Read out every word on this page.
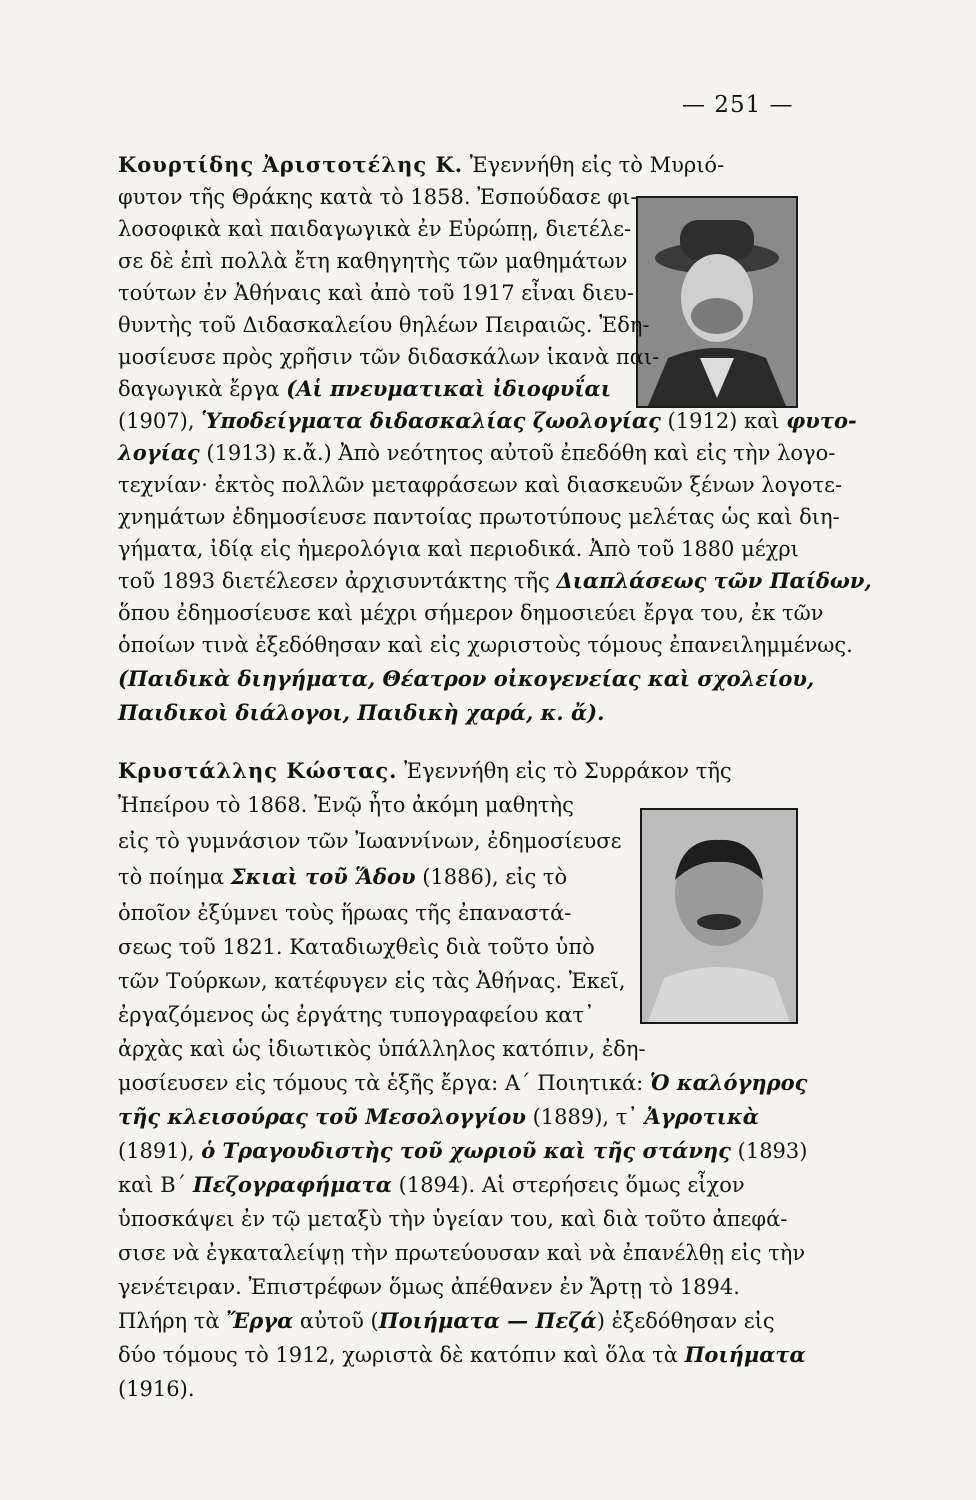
— 251 —
Κουρτίδης Ἀριστοτέλης Κ. Ἐγεννήθη εἰς τὸ Μυριό-
φυτον τῆς Θράκης κατὰ τὸ 1858. Ἐσπούδασε φι-
λοσοφικὰ καὶ παιδαγωγικὰ ἐν Εὐρώπῃ, διετέλε-
σε δὲ ἐπὶ πολλὰ ἔτη καθηγητὴς τῶν μαθημάτων
τούτων ἐν Ἀθήναις καὶ ἀπὸ τοῦ 1917 εἶναι διευ-
θυντὴς τοῦ Διδασκαλείου θηλέων Πειραιῶς. Ἐδη-
μοσίευσε πρὸς χρῆσιν τῶν διδασκάλων ἱκανὰ παι-
δαγωγικὰ ἔργα (Αἱ πνευματικαὶ ἰδιοφυΐαι
(1907), Ὑποδείγματα διδασκαλίας ζωολογίας (1912) καὶ φυτο-
λογίας (1913) κ.ἄ.) Ἀπὸ νεότητος αὐτοῦ ἐπεδόθη καὶ εἰς τὴν λογο-
τεχνίαν· ἐκτὸς πολλῶν μεταφράσεων καὶ διασκευῶν ξένων λογοτε-
χνημάτων ἐδημοσίευσε παντοίας πρωτοτύπους μελέτας ὡς καὶ διη-
γήματα, ἰδίᾳ εἰς ἡμερολόγια καὶ περιοδικά. Ἀπὸ τοῦ 1880 μέχρι
τοῦ 1893 διετέλεσεν ἀρχισυντάκτης τῆς Διαπλάσεως τῶν Παίδων,
ὅπου ἐδημοσίευσε καὶ μέχρι σήμερον δημοσιεύει ἔργα του, ἐκ τῶν
ὁποίων τινὰ ἐξεδόθησαν καὶ εἰς χωριστοὺς τόμους ἐπανειλημμένως.
(Παιδικὰ διηγήματα, Θέατρον οἰκογενείας καὶ σχολείου,
Παιδικοὶ διάλογοι, Παιδικὴ χαρά, κ. ἄ).
Κρυστάλλης Κώστας. Ἐγεννήθη εἰς τὸ Συρράκον τῆς
Ἠπείρου τὸ 1868. Ἐνῷ ἦτο ἀκόμη μαθητὴς
εἰς τὸ γυμνάσιον τῶν Ἰωαννίνων, ἐδημοσίευσε
τὸ ποίημα Σκιαὶ τοῦ Ἅδου (1886), εἰς τὸ
ὁποῖον ἐξύμνει τοὺς ἥρωας τῆς ἐπαναστά-
σεως τοῦ 1821. Καταδιωχθεὶς διὰ τοῦτο ὑπὸ
τῶν Τούρκων, κατέφυγεν εἰς τὰς Ἀθήνας. Ἐκεῖ,
ἐργαζόμενος ὡς ἐργάτης τυπογραφείου κατ᾽
ἀρχὰς καὶ ὡς ἰδιωτικὸς ὑπάλληλος κατόπιν, ἐδη-
μοσίευσεν εἰς τόμους τὰ ἑξῆς ἔργα: Α΄ Ποιητικά: Ὁ καλόγηρος
τῆς κλεισούρας τοῦ Μεσολογγίου (1889), τ᾽ Ἀγροτικὰ
(1891), ὁ Τραγουδιστὴς τοῦ χωριοῦ καὶ τῆς στάνης (1893)
καὶ Β΄ Πεζογραφήματα (1894). Αἱ στερήσεις ὅμως εἶχον
ὑποσκάψει ἐν τῷ μεταξὺ τὴν ὑγείαν του, καὶ διὰ τοῦτο ἀπεφά-
σισε νὰ ἐγκαταλείψῃ τὴν πρωτεύουσαν καὶ νὰ ἐπανέλθῃ εἰς τὴν
γενέτειραν. Ἐπιστρέφων ὅμως ἀπέθανεν ἐν Ἄρτῃ τὸ 1894.
Πλήρη τὰ Ἔργα αὐτοῦ (Ποιήματα — Πεζά) ἐξεδόθησαν εἰς
δύο τόμους τὸ 1912, χωριστὰ δὲ κατόπιν καὶ ὅλα τὰ Ποιήματα
(1916).
